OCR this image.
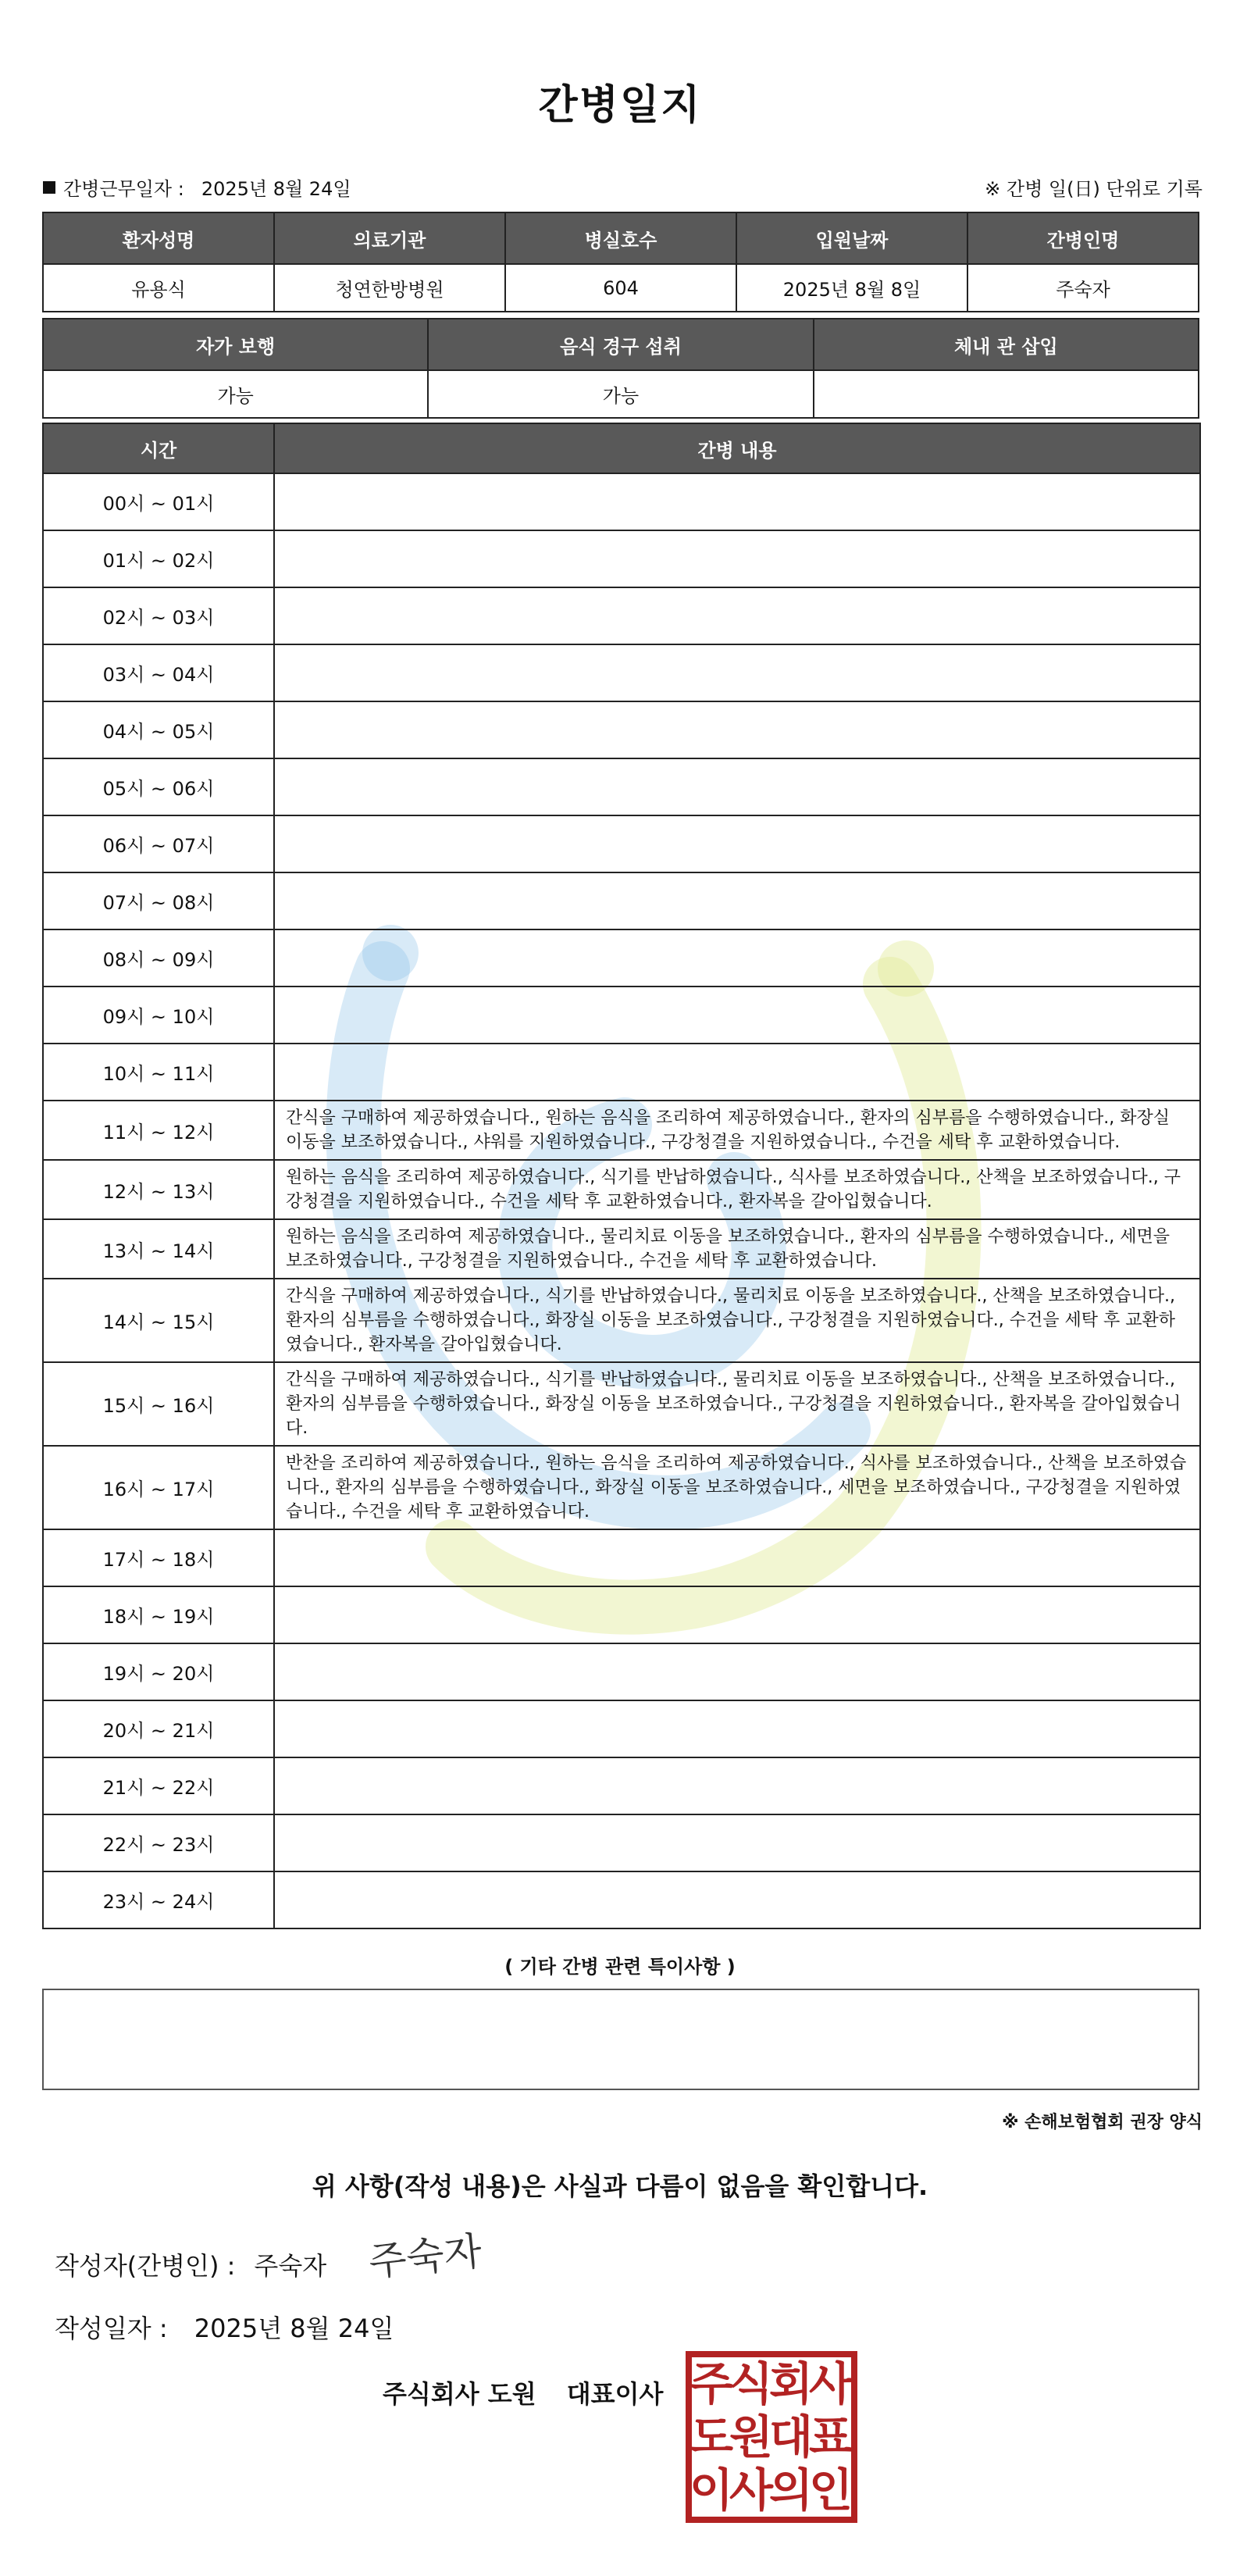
간병일지
간병근무일자 : 2025년 8월 24일	※ 간병 일(日) 단위로 기록
환자성명	의료기관	병실호수	입원날짜	간병인명
유용식	청연한방병원	604	2025년 8월 8일	주숙자
자가 보행	음식 경구 섭취	체내 관 삽입
가능	가능	
시간	간병 내용
00시 ~ 01시	
01시 ~ 02시	
02시 ~ 03시	
03시 ~ 04시	
04시 ~ 05시	
05시 ~ 06시	
06시 ~ 07시	
07시 ~ 08시	
08시 ~ 09시	
09시 ~ 10시	
10시 ~ 11시	
11시 ~ 12시	간식을 구매하여 제공하였습니다., 원하는 음식을 조리하여 제공하였습니다., 환자의 심부름을 수행하였습니다., 화장실 이동을 보조하였습니다., 샤워를 지원하였습니다., 구강청결을 지원하였습니다., 수건을 세탁 후 교환하였습니다.
12시 ~ 13시	원하는 음식을 조리하여 제공하였습니다., 식기를 반납하였습니다., 식사를 보조하였습니다., 산책을 보조하였습니다., 구강청결을 지원하였습니다., 수건을 세탁 후 교환하였습니다., 환자복을 갈아입혔습니다.
13시 ~ 14시	원하는 음식을 조리하여 제공하였습니다., 물리치료 이동을 보조하였습니다., 환자의 심부름을 수행하였습니다., 세면을 보조하였습니다., 구강청결을 지원하였습니다., 수건을 세탁 후 교환하였습니다.
14시 ~ 15시	간식을 구매하여 제공하였습니다., 식기를 반납하였습니다., 물리치료 이동을 보조하였습니다., 산책을 보조하였습니다., 환자의 심부름을 수행하였습니다., 화장실 이동을 보조하였습니다., 구강청결을 지원하였습니다., 수건을 세탁 후 교환하였습니다., 환자복을 갈아입혔습니다.
15시 ~ 16시	간식을 구매하여 제공하였습니다., 식기를 반납하였습니다., 물리치료 이동을 보조하였습니다., 산책을 보조하였습니다., 환자의 심부름을 수행하였습니다., 화장실 이동을 보조하였습니다., 구강청결을 지원하였습니다., 환자복을 갈아입혔습니다.
16시 ~ 17시	반찬을 조리하여 제공하였습니다., 원하는 음식을 조리하여 제공하였습니다., 식사를 보조하였습니다., 산책을 보조하였습니다., 환자의 심부름을 수행하였습니다., 화장실 이동을 보조하였습니다., 세면을 보조하였습니다., 구강청결을 지원하였습니다., 수건을 세탁 후 교환하였습니다.
17시 ~ 18시	
18시 ~ 19시	
19시 ~ 20시	
20시 ~ 21시	
21시 ~ 22시	
22시 ~ 23시	
23시 ~ 24시	
( 기타 간병 관련 특이사항 )
※ 손해보험협회 권장 양식
위 사항(작성 내용)은 사실과 다름이 없음을 확인합니다.
작성자(간병인) : 주숙자 주숙자
작성일자 : 2025년 8월 24일
주식회사 도원 대표이사 주
식
회
사
도
원
대
표
이
사
의
인
